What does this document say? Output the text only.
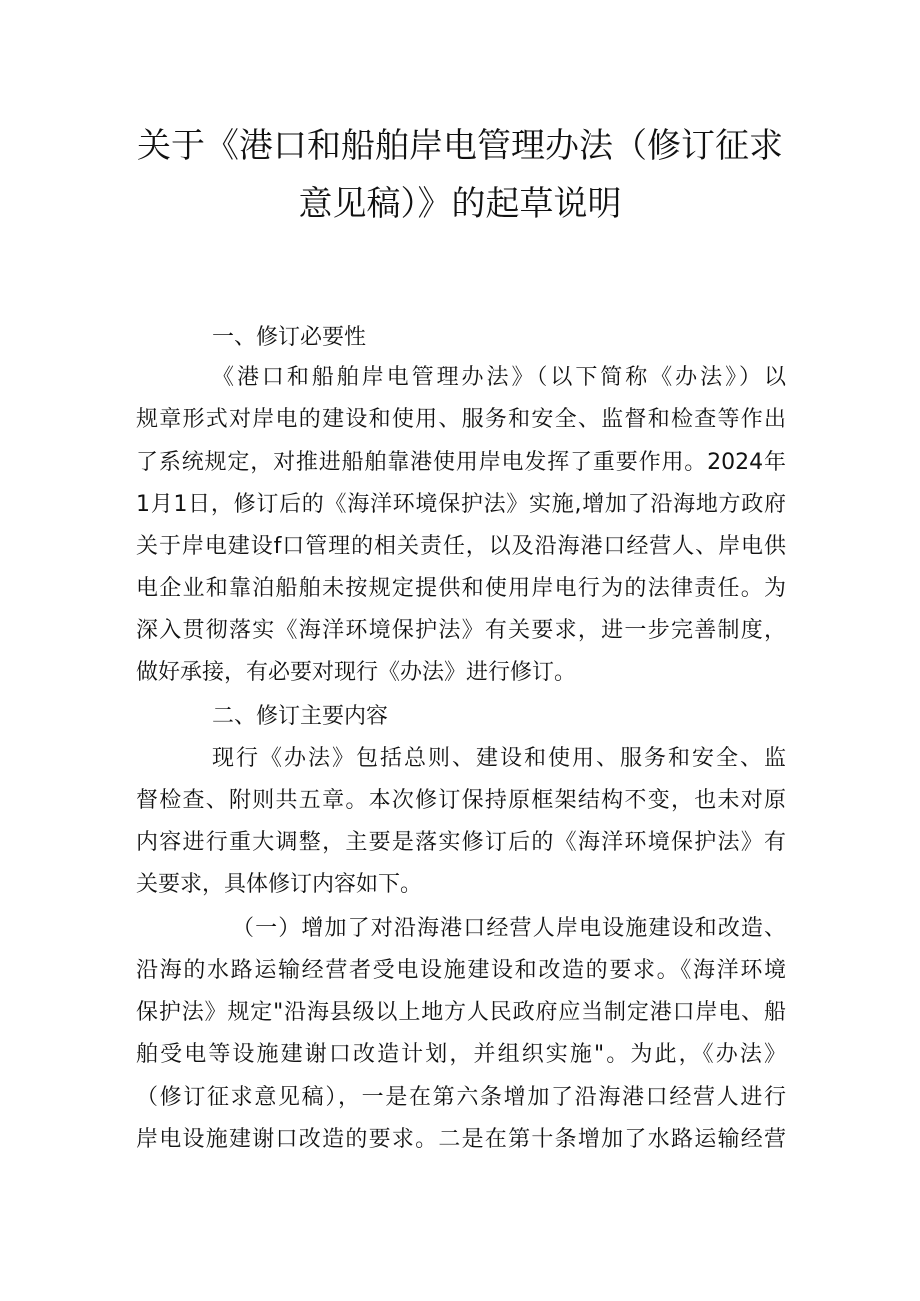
关于《港口和船舶岸电管理办法（修订征求
意见稿）》的起草说明

一、修订必要性

《港口和船舶岸电管理办法》（以下简称《办法》）以

规章形式对岸电的建设和使用、服务和安全、监督和检查等作出

了系统规定，对推进船舶靠港使用岸电发挥了重要作用。2024年

1月1日，修订后的《海洋环境保护法》实施,增加了沿海地方政府

关于岸电建设f口管理的相关责任，以及沿海港口经营人、岸电供

电企业和靠泊船舶未按规定提供和使用岸电行为的法律责任。为

深入贯彻落实《海洋环境保护法》有关要求，进一步完善制度，

做好承接，有必要对现行《办法》进行修订。

二、修订主要内容

现行《办法》包括总则、建设和使用、服务和安全、监

督检查、附则共五章。本次修订保持原框架结构不变，也未对原

内容进行重大调整，主要是落实修订后的《海洋环境保护法》有

关要求，具体修订内容如下。

（一）增加了对沿海港口经营人岸电设施建设和改造、

沿海的水路运输经营者受电设施建设和改造的要求。《海洋环境

保护法》规定"沿海县级以上地方人民政府应当制定港口岸电、船

舶受电等设施建谢口改造计划，并组织实施"。为此，《办法》

（修订征求意见稿），一是在第六条增加了沿海港口经营人进行

岸电设施建谢口改造的要求。二是在第十条增加了水路运输经营
